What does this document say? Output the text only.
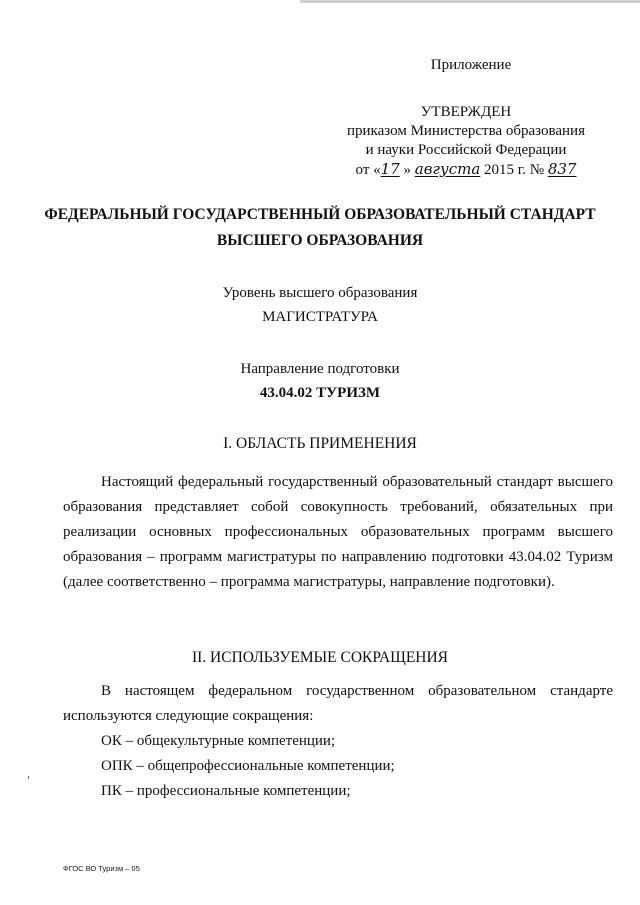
Приложение
УТВЕРЖДЕН
приказом Министерства образования
и науки Российской Федерации
от «17 » августа 2015 г. № 837
ФЕДЕРАЛЬНЫЙ ГОСУДАРСТВЕННЫЙ ОБРАЗОВАТЕЛЬНЫЙ СТАНДАРТ
ВЫСШЕГО ОБРАЗОВАНИЯ
Уровень высшего образования
МАГИСТРАТУРА
Направление подготовки
43.04.02 ТУРИЗМ
I. ОБЛАСТЬ ПРИМЕНЕНИЯ

Настоящий федеральный государственный образовательный стандарт высшего образования представляет собой совокупность требований, обязательных при реализации основных профессиональных образовательных программ высшего образования – программ магистратуры по направлению подготовки 43.04.02 Туризм (далее соответственно – программа магистратуры, направление подготовки).

II. ИСПОЛЬЗУЕМЫЕ СОКРАЩЕНИЯ

В настоящем федеральном государственном образовательном стандарте используются следующие сокращения:

ОК – общекультурные компетенции;
ОПК – общепрофессиональные компетенции;
ПК – профессиональные компетенции;
ФГОС ВО Туризм – 05
